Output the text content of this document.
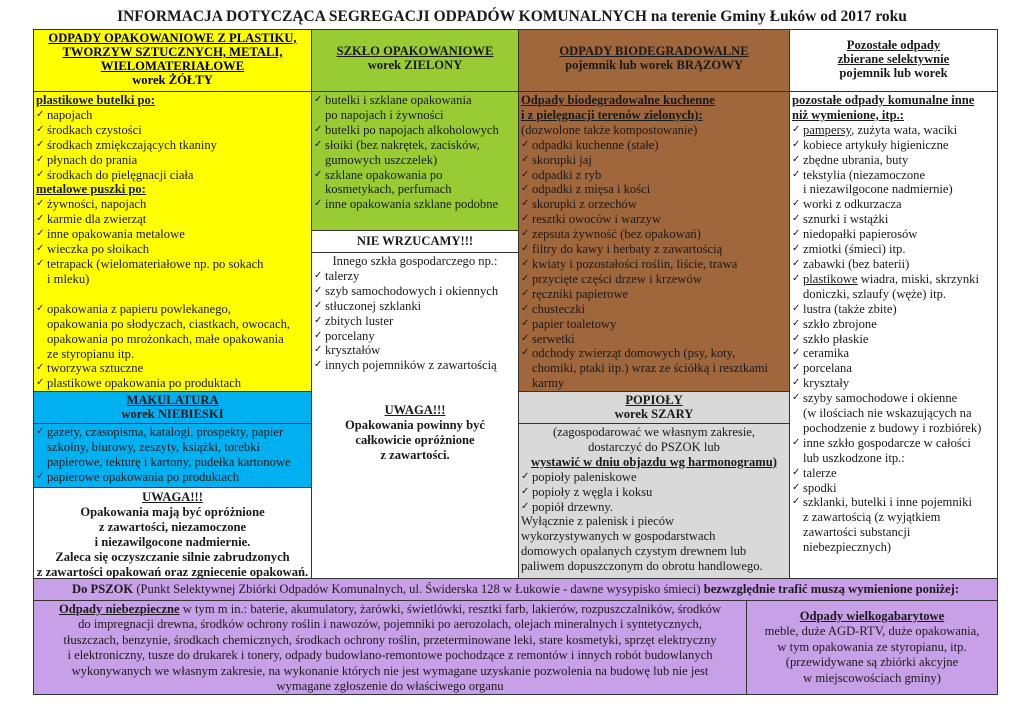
INFORMACJA DOTYCZĄCA SEGREGACJI ODPADÓW KOMUNALNYCH na terenie Gminy Łuków od 2017 roku
ODPADY OPAKOWANIOWE Z PLASTIKU,
TWORZYW SZTUCZNYCH, METALI,
WIELOMATERIAŁOWE
worek ŻÓŁTY
plastikowe butelki po:
✓ napojach
✓ środkach czystości
✓ środkach zmiękczających tkaniny
✓ płynach do prania
✓ środkach do pielęgnacji ciała
metalowe puszki po:
✓ żywności, napojach
✓ karmie dla zwierząt
✓ inne opakowania metalowe
✓ wieczka po słoikach
✓ tetrapack (wielomateriałowe np. po sokach
i mleku)
✓ opakowania z papieru powlekanego,
opakowania po słodyczach, ciastkach, owocach,
opakowania po mrożonkach, małe opakowania
ze styropianu itp.
✓ tworzywa sztuczne
✓ plastikowe opakowania po produktach
MAKULATURA
worek NIEBIESKI
✓ gazety, czasopisma, katalogi, prospekty, papier
szkolny, biurowy, zeszyty, książki, torebki
papierowe, tekturę i kartony, pudełka kartonowe
✓ papierowe opakowania po produktach
UWAGA!!!
Opakowania mają być opróżnione
z zawartości, niezamoczone
i niezawilgocone nadmiernie.
Zaleca się oczyszczanie silnie zabrudzonych
z zawartości opakowań oraz zgniecenie opakowań.
SZKŁO OPAKOWANIOWE
worek ZIELONY
✓ butelki i szklane opakowania
po napojach i żywności
✓ butelki po napojach alkoholowych
✓ słoiki (bez nakrętek, zacisków,
gumowych uszczelek)
✓ szklane opakowania po
kosmetykach, perfumach
✓ inne opakowania szklane podobne
NIE WRZUCAMY!!!
Innego szkła gospodarczego np.:
✓ talerzy
✓ szyb samochodowych i okiennych
✓ stłuczonej szklanki
✓ zbitych luster
✓ porcelany
✓ kryształów
✓ innych pojemników z zawartością
UWAGA!!!
Opakowania powinny być
całkowicie opróżnione
z zawartości.
ODPADY BIODEGRADOWALNE
pojemnik lub worek BRĄZOWY
Odpady biodegradowalne kuchenne
i z pielęgnacji terenów zielonych):
(dozwolone także kompostowanie)
✓ odpadki kuchenne (stałe)
✓ skorupki jaj
✓ odpadki z ryb
✓ odpadki z mięsa i kości
✓ skorupki z orzechów
✓ resztki owoców i warzyw
✓ zepsuta żywność (bez opakowań)
✓ filtry do kawy i herbaty z zawartością
✓ kwiaty i pozostałości roślin, liście, trawa
✓ przycięte części drzew i krzewów
✓ ręczniki papierowe
✓ chusteczki
✓ papier toaletowy
✓ serwetki
✓ odchody zwierząt domowych (psy, koty,
chomiki, ptaki itp.) wraz ze ściółką i resztkami
karmy
POPIOŁY
worek SZARY
(zagospodarować we własnym zakresie,
dostarczyć do PSZOK lub
wystawić w dniu objazdu wg harmonogramu)
✓ popioły paleniskowe
✓ popioły z węgla i koksu
✓ popiół drzewny.
Wyłącznie z palenisk i pieców
wykorzystywanych w gospodarstwach
domowych opalanych czystym drewnem lub
paliwem dopuszczonym do obrotu handlowego.
Pozostałe odpady
zbierane selektywnie
pojemnik lub worek
pozostałe odpady komunalne inne
niż wymienione, itp.:
✓ pampersy, zużyta wata, waciki
✓ kobiece artykuły higieniczne
✓ zbędne ubrania, buty
✓ tekstylia (niezamoczone
i niezawilgocone nadmiernie)
✓ worki z odkurzacza
✓ sznurki i wstążki
✓ niedopałki papierosów
✓ zmiotki (śmieci) itp.
✓ zabawki (bez baterii)
✓ plastikowe wiadra, miski, skrzynki
doniczki, szlaufy (węże) itp.
✓ lustra (także zbite)
✓ szkło zbrojone
✓ szkło płaskie
✓ ceramika
✓ porcelana
✓ kryształy
✓ szyby samochodowe i okienne
(w ilościach nie wskazujących na
pochodzenie z budowy i rozbiórek)
✓ inne szkło gospodarcze w całości
lub uszkodzone itp.:
✓ talerze
✓ spodki
✓ szklanki, butelki i inne pojemniki
z zawartością (z wyjątkiem
zawartości substancji
niebezpiecznych)
Do PSZOK (Punkt Selektywnej Zbiórki Odpadów Komunalnych, ul. Świderska 128 w Łukowie - dawne wysypisko śmieci) bezwzględnie trafić muszą wymienione poniżej:
Odpady niebezpieczne w tym m in.: baterie, akumulatory, żarówki, świetlówki, resztki farb, lakierów, rozpuszczalników, środków
do impregnacji drewna, środków ochrony roślin i nawozów, pojemniki po aerozolach, olejach mineralnych i syntetycznych,
tłuszczach, benzynie, środkach chemicznych, środkach ochrony roślin, przeterminowane leki, stare kosmetyki, sprzęt elektryczny
i elektroniczny, tusze do drukarek i tonery, odpady budowlano-remontowe pochodzące z remontów i innych robót budowlanych
wykonywanych we własnym zakresie, na wykonanie których nie jest wymagane uzyskanie pozwolenia na budowę lub nie jest
wymagane zgłoszenie do właściwego organu
Odpady wielkogabarytowe
meble, duże AGD-RTV, duże opakowania,
w tym opakowania ze styropianu, itp.
(przewidywane są zbiórki akcyjne
w miejscowościach gminy)
